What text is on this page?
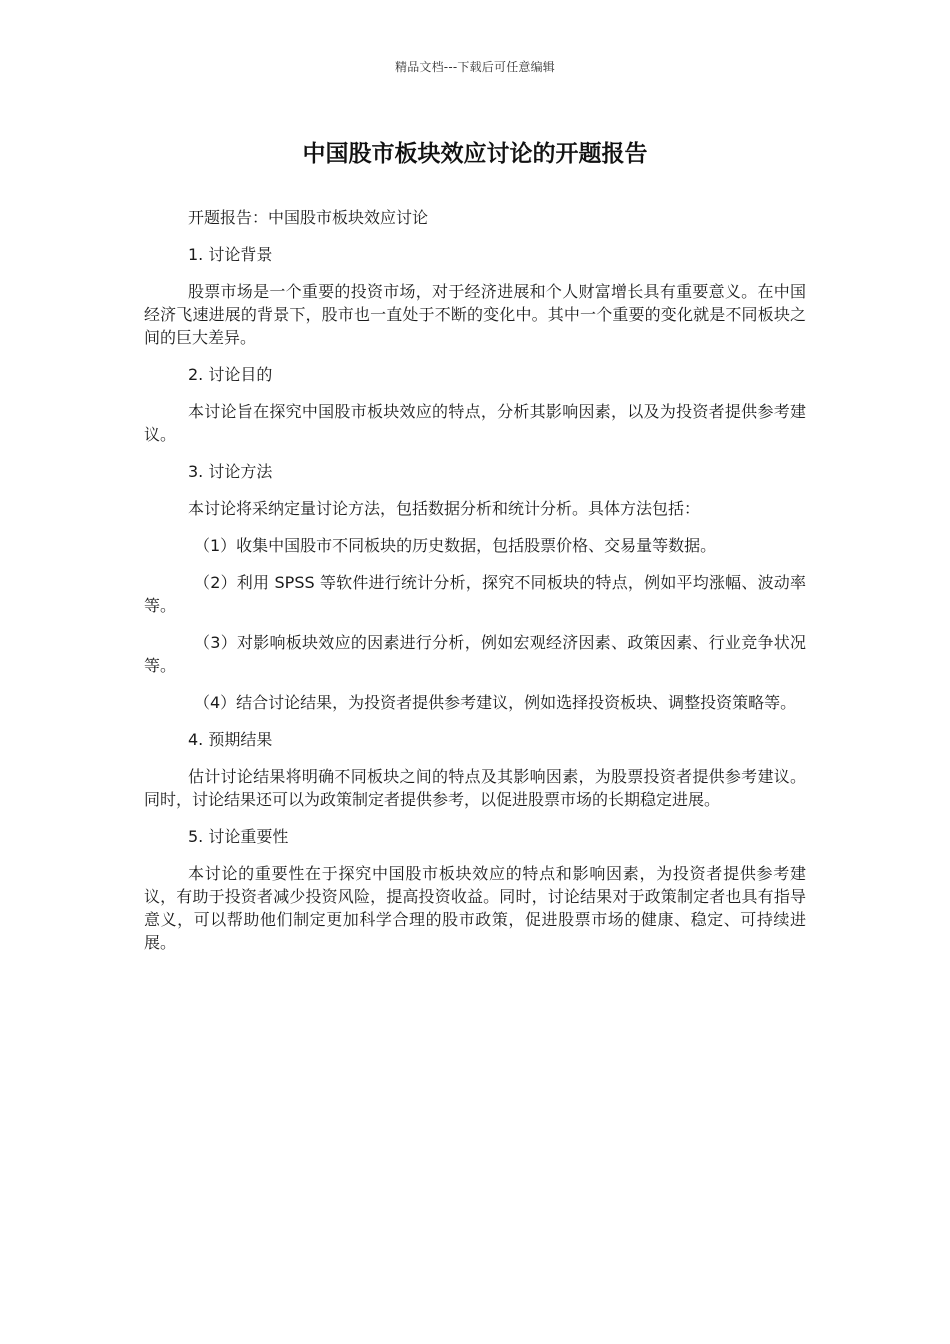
精品文档---下载后可任意编辑
中国股市板块效应讨论的开题报告

开题报告：中国股市板块效应讨论

1. 讨论背景

股票市场是一个重要的投资市场，对于经济进展和个人财富增长具有重要意义。在中国经济飞速进展的背景下，股市也一直处于不断的变化中。其中一个重要的变化就是不同板块之间的巨大差异。

2. 讨论目的

本讨论旨在探究中国股市板块效应的特点，分析其影响因素，以及为投资者提供参考建议。

3. 讨论方法

本讨论将采纳定量讨论方法，包括数据分析和统计分析。具体方法包括：

（1）收集中国股市不同板块的历史数据，包括股票价格、交易量等数据。

（2）利用 SPSS 等软件进行统计分析，探究不同板块的特点，例如平均涨幅、波动率等。

（3）对影响板块效应的因素进行分析，例如宏观经济因素、政策因素、行业竞争状况等。

（4）结合讨论结果，为投资者提供参考建议，例如选择投资板块、调整投资策略等。

4. 预期结果

估计讨论结果将明确不同板块之间的特点及其影响因素，为股票投资者提供参考建议。同时，讨论结果还可以为政策制定者提供参考，以促进股票市场的长期稳定进展。

5. 讨论重要性

本讨论的重要性在于探究中国股市板块效应的特点和影响因素，为投资者提供参考建议，有助于投资者减少投资风险，提高投资收益。同时，讨论结果对于政策制定者也具有指导意义，可以帮助他们制定更加科学合理的股市政策，促进股票市场的健康、稳定、可持续进展。
